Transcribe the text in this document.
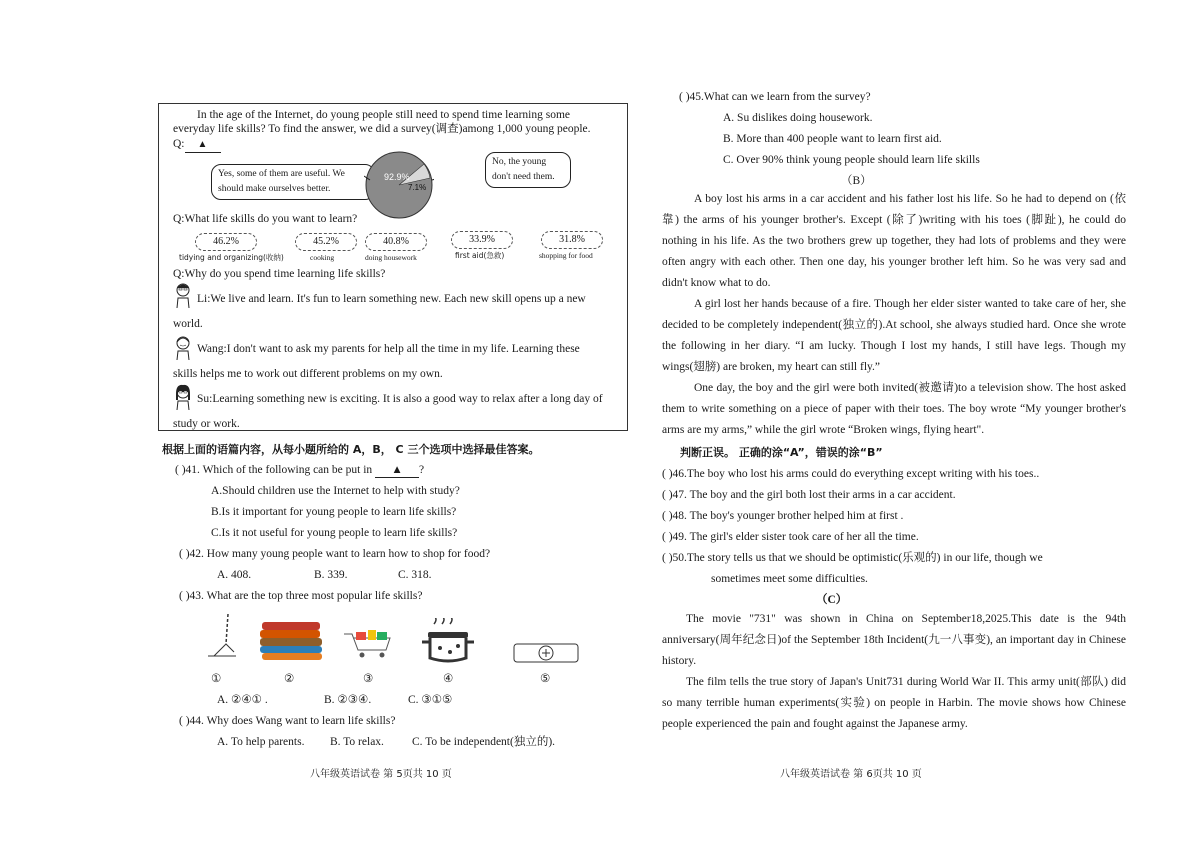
In the age of the Internet, do young people still need to spend time learning some
everyday life skills? To find the answer, we did a survey(调查)among 1,000 young people.
Q: ▲
Yes, some of them are useful. We should make ourselves better.
92.9%
7.1%
No, the young don't need them.
Q:What life skills do you want to learn?
46.2%	45.2%	40.8%	33.9%	31.8%
tidying and organizing(收纳)	cooking	doing housework	first aid(急救)	shopping for food
Q:Why do you spend time learning life skills?
Li:We live and learn. It's fun to learn something new. Each new skill opens up a new
world.
Wang:I don't want to ask my parents for help all the time in my life. Learning these
skills helps me to work out different problems on my own.
Su:Learning something new is exciting. It is also a good way to relax after a long day of
study or work.
根据上面的语篇内容，从每小题所给的 A，B， C 三个选项中选择最佳答案。
( )41. Which of the following can be put in ▲ ?
A.Should children use the Internet to help with study?
B.Is it important for young people to learn life skills?
C.Is it not useful for young people to learn life skills?
( )42. How many young people want to learn how to shop for food?
A. 408.	B. 339.	C. 318.
( )43. What are the top three most popular life skills?
①	②	③	④	⑤
A. ②④① .	B. ②③④.	C. ③①⑤
( )44. Why does Wang want to learn life skills?
A. To help parents. B. To relax. C. To be independent(独立的).
八年级英语试卷 第 5页共 10 页
( )45.What can we learn from the survey?
A. Su dislikes doing housework.
B. More than 400 people want to learn first aid.
C. Over 90% think young people should learn life skills
（B）

A boy lost his arms in a car accident and his father lost his life. So he had to depend on (依靠) the arms of his younger brother's. Except (除了)writing with his toes (脚趾), he could do nothing in his life. As the two brothers grew up together, they had lots of problems and they were often angry with each other. Then one day, his younger brother left him. So he was very sad and didn't know what to do.

A girl lost her hands because of a fire. Though her elder sister wanted to take care of her, she decided to be completely independent(独立的).At school, she always studied hard. Once she wrote the following in her diary. “I am lucky. Though I lost my hands, I still have legs. Though my wings(翅膀) are broken, my heart can still fly.”

One day, the boy and the girl were both invited(被邀请)to a television show. The host asked them to write something on a piece of paper with their toes. The boy wrote “My younger brother's arms are my arms,” while the girl wrote “Broken wings, flying heart".

判断正误。 正确的涂“A”，错误的涂“B”
( )46.The boy who lost his arms could do everything except writing with his toes..
( )47. The boy and the girl both lost their arms in a car accident.
( )48. The boy's younger brother helped him at first .
( )49. The girl's elder sister took care of her all the time.
( )50.The story tells us that we should be optimistic(乐观的) in our life, though we
sometimes meet some difficulties.
（C）

The movie "731" was shown in China on September18,2025.This date is the 94th anniversary(周年纪念日)of the September 18th Incident(九一八事变), an important day in Chinese history.

The film tells the true story of Japan's Unit731 during World War II. This army unit(部队) did so many terrible human experiments(实验) on people in Harbin. The movie shows how Chinese people experienced the pain and fought against the Japanese army.

八年级英语试卷 第 6页共 10 页
